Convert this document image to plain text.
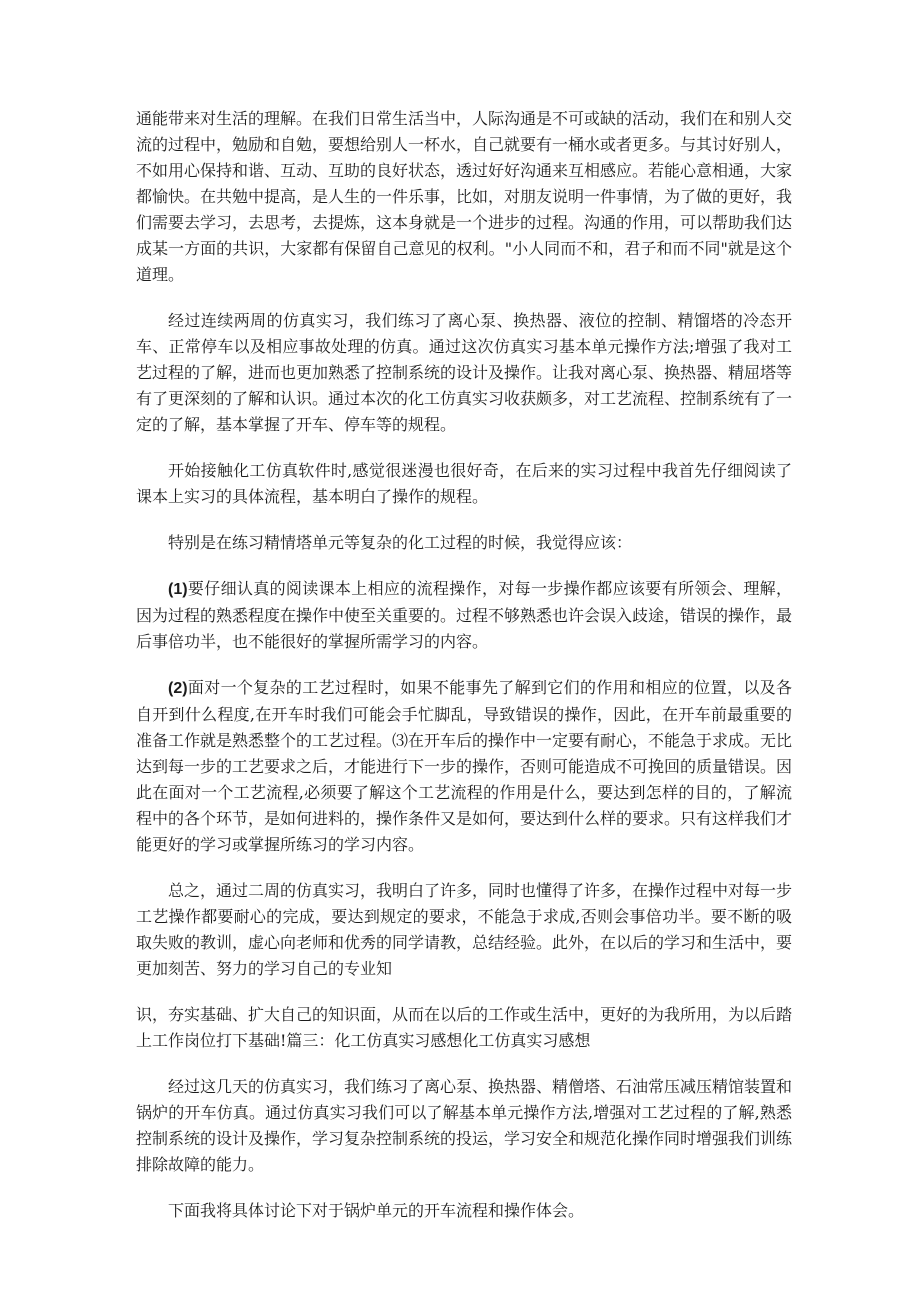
通能带来对生活的理解。在我们日常生活当中，人际沟通是不可或缺的活动，我们在和别人交流的过程中，勉励和自勉，要想给别人一杯水，自己就要有一桶水或者更多。与其讨好别人，不如用心保持和谐、互动、互助的良好状态，透过好好沟通来互相感应。若能心意相通，大家都愉快。在共勉中提高，是人生的一件乐事，比如，对朋友说明一件事情，为了做的更好，我们需要去学习，去思考，去提炼，这本身就是一个进步的过程。沟通的作用，可以帮助我们达成某一方面的共识，大家都有保留自己意见的权利。"小人同而不和，君子和而不同"就是这个道理。

经过连续两周的仿真实习，我们练习了离心泵、换热器、液位的控制、精馏塔的冷态开车、正常停车以及相应事故处理的仿真。通过这次仿真实习基本单元操作方法;增强了我对工艺过程的了解，进而也更加熟悉了控制系统的设计及操作。让我对离心泵、换热器、精屈塔等有了更深刻的了解和认识。通过本次的化工仿真实习收获颇多，对工艺流程、控制系统有了一定的了解，基本掌握了开车、停车等的规程。

开始接触化工仿真软件时,感觉很迷漫也很好奇，在后来的实习过程中我首先仔细阅读了课本上实习的具体流程，基本明白了操作的规程。

特别是在练习精情塔单元等复杂的化工过程的时候，我觉得应该：

(1)要仔细认真的阅读课本上相应的流程操作，对每一步操作都应该要有所领会、理解，因为过程的熟悉程度在操作中使至关重要的。过程不够熟悉也许会误入歧途，错误的操作，最后事倍功半，也不能很好的掌握所需学习的内容。

(2)面对一个复杂的工艺过程时，如果不能事先了解到它们的作用和相应的位置，以及各自开到什么程度,在开车时我们可能会手忙脚乱，导致错误的操作，因此，在开车前最重要的准备工作就是熟悉整个的工艺过程。⑶在开车后的操作中一定要有耐心，不能急于求成。无比达到每一步的工艺要求之后，才能进行下一步的操作，否则可能造成不可挽回的质量错误。因此在面对一个工艺流程,必须要了解这个工艺流程的作用是什么，要达到怎样的目的，了解流程中的各个环节，是如何进料的，操作条件又是如何，要达到什么样的要求。只有这样我们才能更好的学习或掌握所练习的学习内容。

总之，通过二周的仿真实习，我明白了许多，同时也懂得了许多，在操作过程中对每一步工艺操作都要耐心的完成，要达到规定的要求，不能急于求成,否则会事倍功半。要不断的吸取失败的教训，虚心向老师和优秀的同学请教，总结经验。此外，在以后的学习和生活中，要更加刻苦、努力的学习自己的专业知

识，夯实基础、扩大自己的知识面，从而在以后的工作或生活中，更好的为我所用，为以后踏上工作岗位打下基础!篇三：化工仿真实习感想化工仿真实习感想

经过这几天的仿真实习，我们练习了离心泵、换热器、精僧塔、石油常压减压精馆装置和锅炉的开车仿真。通过仿真实习我们可以了解基本单元操作方法,增强对工艺过程的了解,熟悉控制系统的设计及操作，学习复杂控制系统的投运，学习安全和规范化操作同时增强我们训练排除故障的能力。

下面我将具体讨论下对于锅炉单元的开车流程和操作体会。
